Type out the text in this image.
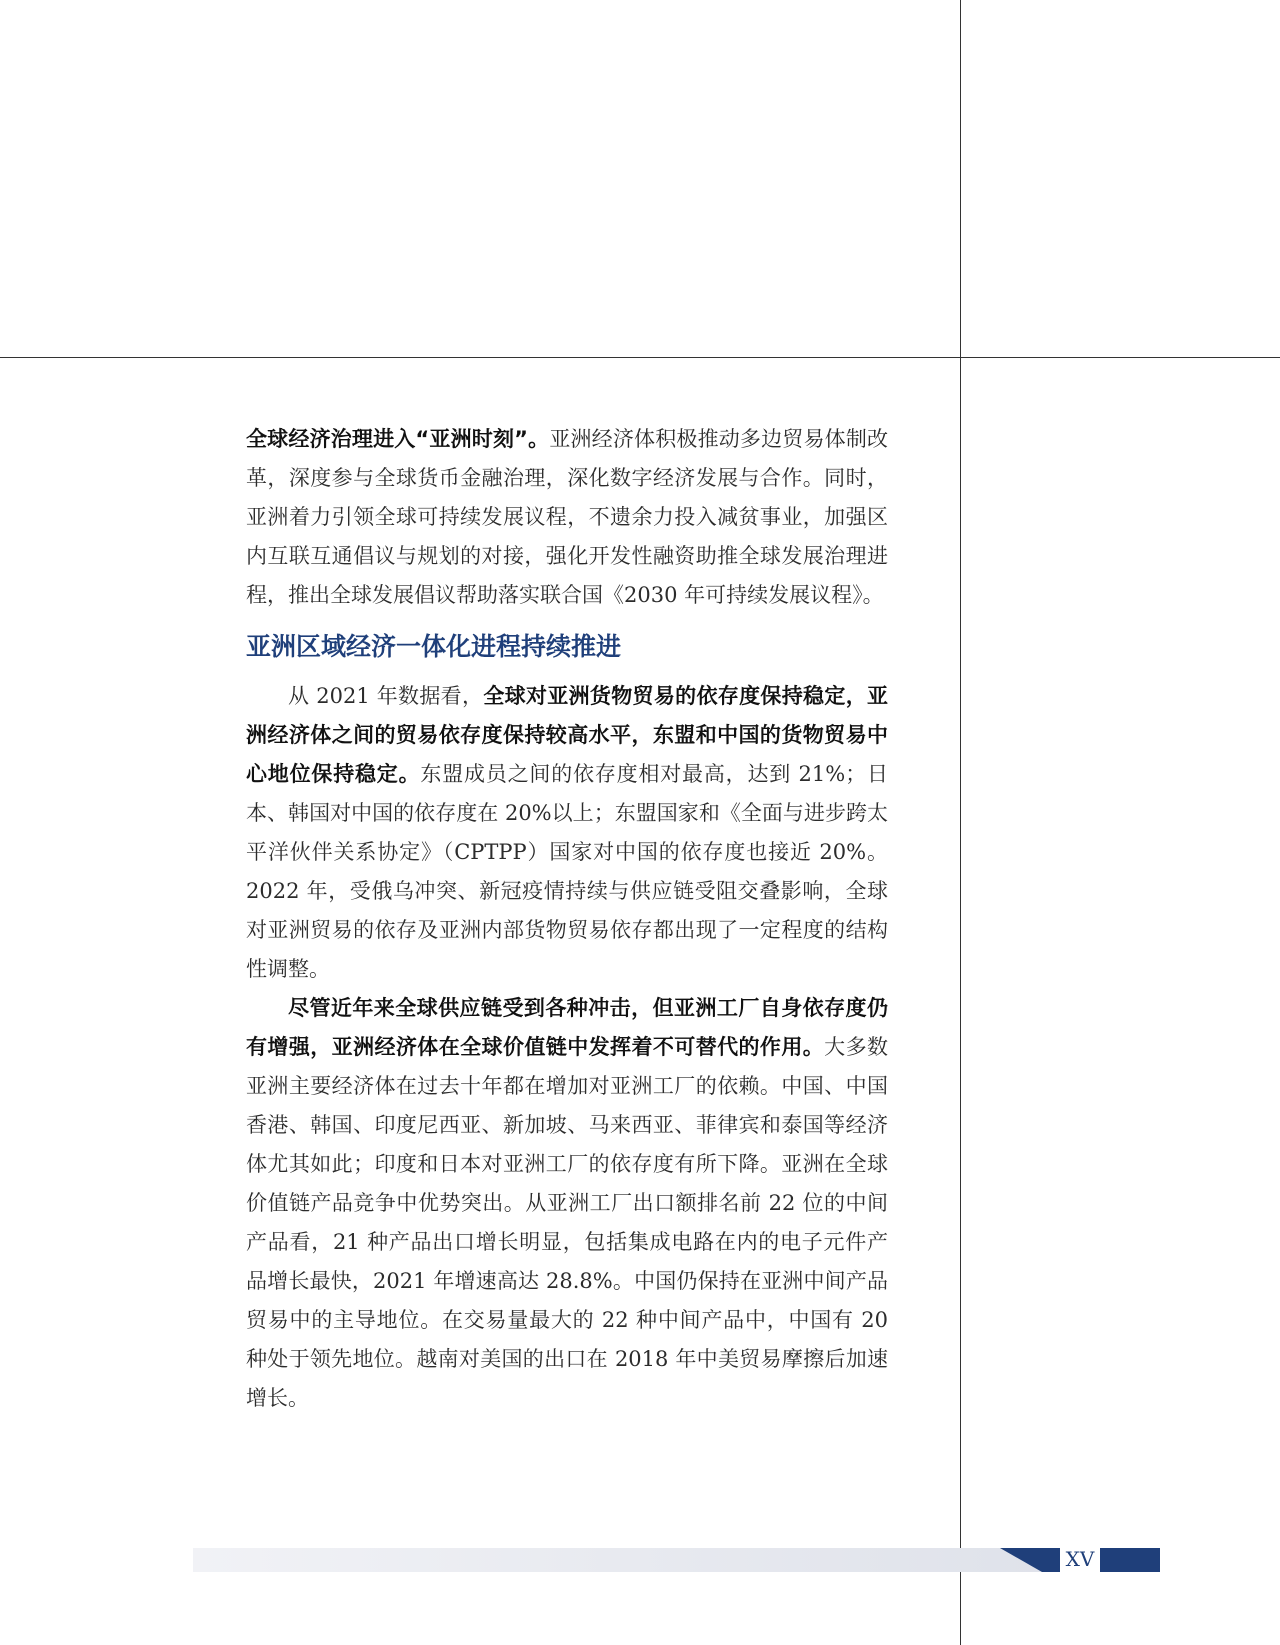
全球经济治理进入“亚洲时刻”。亚洲经济体积极推动多边贸易体制改革，深度参与全球货币金融治理，深化数字经济发展与合作。同时，亚洲着力引领全球可持续发展议程，不遗余力投入减贫事业，加强区内互联互通倡议与规划的对接，强化开发性融资助推全球发展治理进程，推出全球发展倡议帮助落实联合国《2030 年可持续发展议程》。

亚洲区域经济一体化进程持续推进

从 2021 年数据看，全球对亚洲货物贸易的依存度保持稳定，亚洲经济体之间的贸易依存度保持较高水平，东盟和中国的货物贸易中心地位保持稳定。东盟成员之间的依存度相对最高，达到 21%；日本、韩国对中国的依存度在 20%以上；东盟国家和《全面与进步跨太平洋伙伴关系协定》（CPTPP）国家对中国的依存度也接近 20%。2022 年，受俄乌冲突、新冠疫情持续与供应链受阻交叠影响，全球对亚洲贸易的依存及亚洲内部货物贸易依存都出现了一定程度的结构性调整。

尽管近年来全球供应链受到各种冲击，但亚洲工厂自身依存度仍有增强，亚洲经济体在全球价值链中发挥着不可替代的作用。大多数亚洲主要经济体在过去十年都在增加对亚洲工厂的依赖。中国、中国香港、韩国、印度尼西亚、新加坡、马来西亚、菲律宾和泰国等经济体尤其如此；印度和日本对亚洲工厂的依存度有所下降。亚洲在全球价值链产品竞争中优势突出。从亚洲工厂出口额排名前 22 位的中间产品看，21 种产品出口增长明显，包括集成电路在内的电子元件产品增长最快，2021 年增速高达 28.8%。中国仍保持在亚洲中间产品贸易中的主导地位。在交易量最大的 22 种中间产品中，中国有 20 种处于领先地位。越南对美国的出口在 2018 年中美贸易摩擦后加速增长。

XV
